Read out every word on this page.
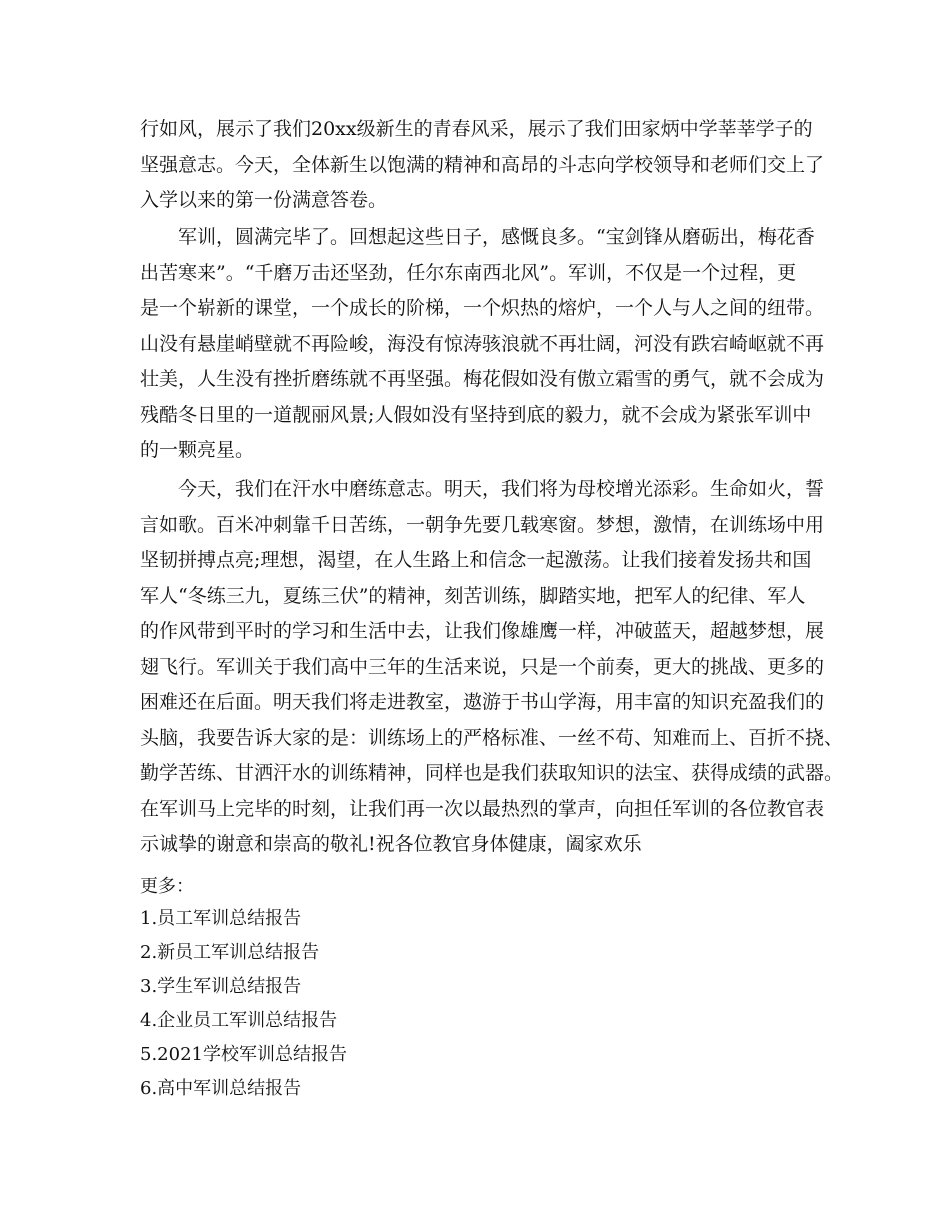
行如风，展示了我们20xx级新生的青春风采，展示了我们田家炳中学莘莘学子的
坚强意志。今天，全体新生以饱满的精神和高昂的斗志向学校领导和老师们交上了
入学以来的第一份满意答卷。
军训，圆满完毕了。回想起这些日子，感慨良多。“宝剑锋从磨砺出，梅花香
出苦寒来”。“千磨万击还坚劲，任尔东南西北风”。军训，不仅是一个过程，更
是一个崭新的课堂，一个成长的阶梯，一个炽热的熔炉，一个人与人之间的纽带。
山没有悬崖峭壁就不再险峻，海没有惊涛骇浪就不再壮阔，河没有跌宕崎岖就不再
壮美，人生没有挫折磨练就不再坚强。梅花假如没有傲立霜雪的勇气，就不会成为
残酷冬日里的一道靓丽风景;人假如没有坚持到底的毅力，就不会成为紧张军训中
的一颗亮星。
今天，我们在汗水中磨练意志。明天，我们将为母校增光添彩。生命如火，誓
言如歌。百米冲刺靠千日苦练，一朝争先要几载寒窗。梦想，激情，在训练场中用
坚韧拼搏点亮;理想，渴望，在人生路上和信念一起激荡。让我们接着发扬共和国
军人“冬练三九，夏练三伏”的精神，刻苦训练，脚踏实地，把军人的纪律、军人
的作风带到平时的学习和生活中去，让我们像雄鹰一样，冲破蓝天，超越梦想，展
翅飞行。军训关于我们高中三年的生活来说，只是一个前奏，更大的挑战、更多的
困难还在后面。明天我们将走进教室，遨游于书山学海，用丰富的知识充盈我们的
头脑，我要告诉大家的是：训练场上的严格标准、一丝不苟、知难而上、百折不挠、
勤学苦练、甘洒汗水的训练精神，同样也是我们获取知识的法宝、获得成绩的武器。
在军训马上完毕的时刻，让我们再一次以最热烈的掌声，向担任军训的各位教官表
示诚挚的谢意和崇高的敬礼!祝各位教官身体健康，阖家欢乐

更多：

1.员工军训总结报告
2.新员工军训总结报告
3.学生军训总结报告
4.企业员工军训总结报告
5.2021学校军训总结报告
6.高中军训总结报告
